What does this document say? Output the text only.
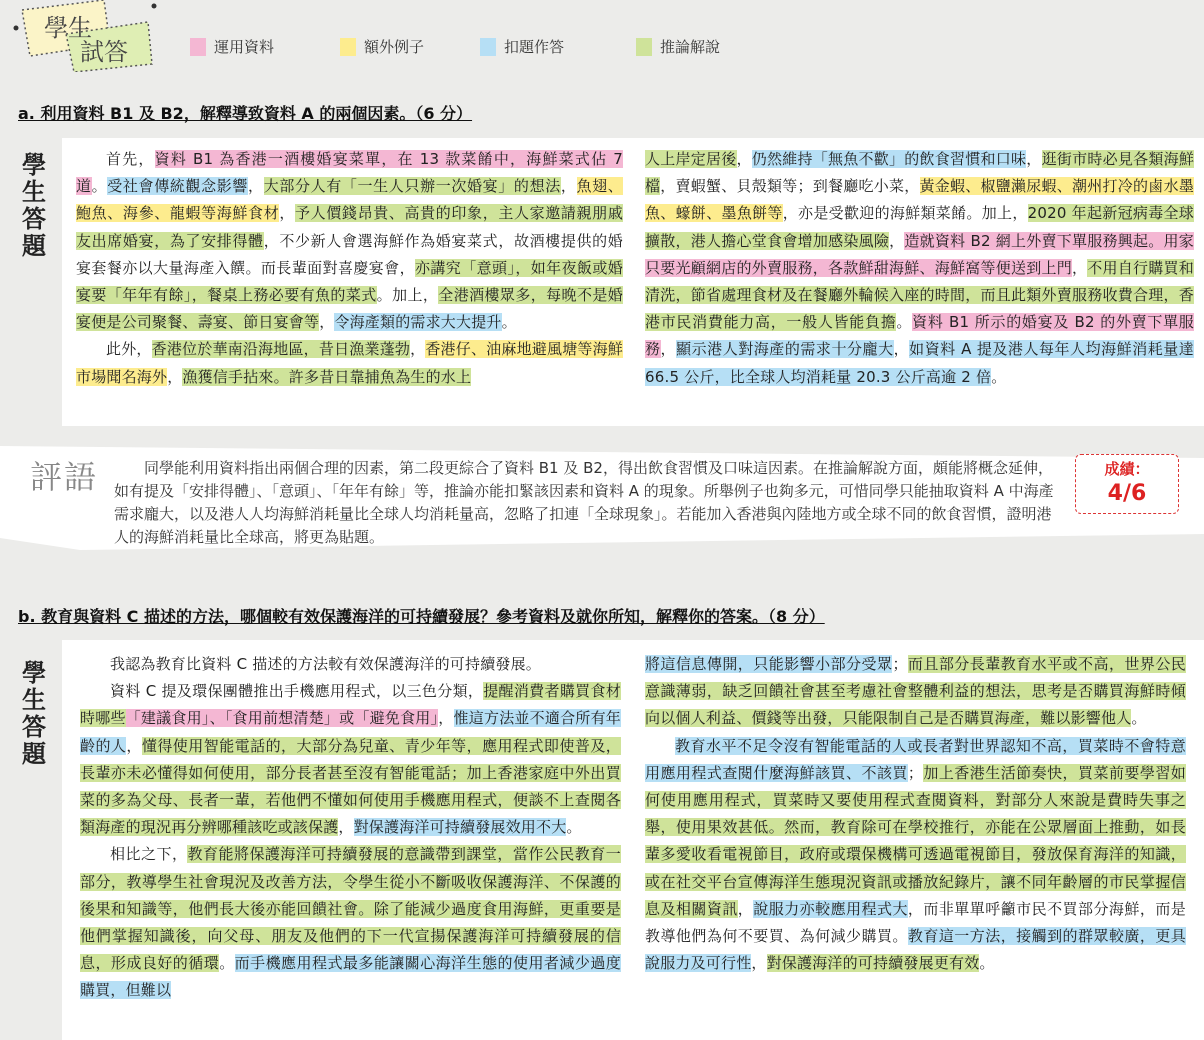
學生
試答	運用資料	額外例子	扣題作答	推論解說
a. 利用資料 B1 及 B2，解釋導致資料 A 的兩個因素。（6 分）
學生答題

首先，資料 B1 為香港一酒樓婚宴菜單，在 13 款菜餚中，海鮮菜式佔 7 道。受社會傳統觀念影響，大部分人有「一生人只辦一次婚宴」的想法，魚翅、鮑魚、海參、龍蝦等海鮮食材，予人價錢昂貴、高貴的印象，主人家邀請親朋戚友出席婚宴，為了安排得體，不少新人會選海鮮作為婚宴菜式，故酒樓提供的婚宴套餐亦以大量海產入饌。而長輩面對喜慶宴會，亦講究「意頭」，如年夜飯或婚宴要「年年有餘」，餐桌上務必要有魚的菜式。加上，全港酒樓眾多，每晚不是婚宴便是公司聚餐、壽宴、節日宴會等，令海產類的需求大大提升。

此外，香港位於華南沿海地區，昔日漁業蓬勃，香港仔、油麻地避風塘等海鮮市場聞名海外，漁獲信手拈來。許多昔日靠捕魚為生的水上

人上岸定居後，仍然維持「無魚不歡」的飲食習慣和口味，逛街市時必見各類海鮮檔，賣蝦蟹、貝殼類等；到餐廳吃小菜，黃金蝦、椒鹽瀨尿蝦、潮州打冷的鹵水墨魚、蠔餅、墨魚餅等，亦是受歡迎的海鮮類菜餚。加上，2020 年起新冠病毒全球擴散，港人擔心堂食會增加感染風險，造就資料 B2 網上外賣下單服務興起。用家只要光顧網店的外賣服務，各款鮮甜海鮮、海鮮窩等便送到上門，不用自行購買和清洗，節省處理食材及在餐廳外輪候入座的時間，而且此類外賣服務收費合理，香港市民消費能力高，一般人皆能負擔。資料 B1 所示的婚宴及 B2 的外賣下單服務，顯示港人對海產的需求十分龐大，如資料 A 提及港人每年人均海鮮消耗量達 66.5 公斤，比全球人均消耗量 20.3 公斤高逾 2 倍。

評語	同學能利用資料指出兩個合理的因素，第二段更綜合了資料 B1 及 B2，得出飲食習慣及口味這因素。在推論解說方面，頗能將概念延伸，如有提及「安排得體」、「意頭」、「年年有餘」等，推論亦能扣緊該因素和資料 A 的現象。所舉例子也夠多元，可惜同學只能抽取資料 A 中海產需求龐大，以及港人人均海鮮消耗量比全球人均消耗量高，忽略了扣連「全球現象」。若能加入香港與內陸地方或全球不同的飲食習慣，證明港人的海鮮消耗量比全球高，將更為貼題。
成績：
4/6
b. 教育與資料 C 描述的方法，哪個較有效保護海洋的可持續發展？參考資料及就你所知，解釋你的答案。（8 分）
學生答題

我認為教育比資料 C 描述的方法較有效保護海洋的可持續發展。

資料 C 提及環保團體推出手機應用程式，以三色分類，提醒消費者購買食材時哪些「建議食用」、「食用前想清楚」或「避免食用」，惟這方法並不適合所有年齡的人，懂得使用智能電話的，大部分為兒童、青少年等，應用程式即使普及，長輩亦未必懂得如何使用，部分長者甚至沒有智能電話；加上香港家庭中外出買菜的多為父母、長者一輩，若他們不懂如何使用手機應用程式，便談不上查閱各類海產的現況再分辨哪種該吃或該保護，對保護海洋可持續發展效用不大。

相比之下，教育能將保護海洋可持續發展的意識帶到課堂，當作公民教育一部分，教導學生社會現況及改善方法，令學生從小不斷吸收保護海洋、不保護的後果和知識等，他們長大後亦能回饋社會。除了能減少過度食用海鮮，更重要是他們掌握知識後，向父母、朋友及他們的下一代宣揚保護海洋可持續發展的信息，形成良好的循環。而手機應用程式最多能讓關心海洋生態的使用者減少過度購買，但難以

將這信息傳開，只能影響小部分受眾；而且部分長輩教育水平或不高，世界公民意識薄弱，缺乏回饋社會甚至考慮社會整體利益的想法，思考是否購買海鮮時傾向以個人利益、價錢等出發，只能限制自己是否購買海產，難以影響他人。

教育水平不足令沒有智能電話的人或長者對世界認知不高，買菜時不會特意用應用程式查閱什麼海鮮該買、不該買；加上香港生活節奏快，買菜前要學習如何使用應用程式，買菜時又要使用程式查閱資料，對部分人來說是費時失事之舉，使用果效甚低。然而，教育除可在學校推行，亦能在公眾層面上推動，如長輩多愛收看電視節目，政府或環保機構可透過電視節目，發放保育海洋的知識，或在社交平台宣傳海洋生態現況資訊或播放紀錄片，讓不同年齡層的市民掌握信息及相關資訊，說服力亦較應用程式大，而非單單呼籲市民不買部分海鮮，而是教導他們為何不要買、為何減少購買。教育這一方法，接觸到的群眾較廣，更具說服力及可行性，對保護海洋的可持續發展更有效。
